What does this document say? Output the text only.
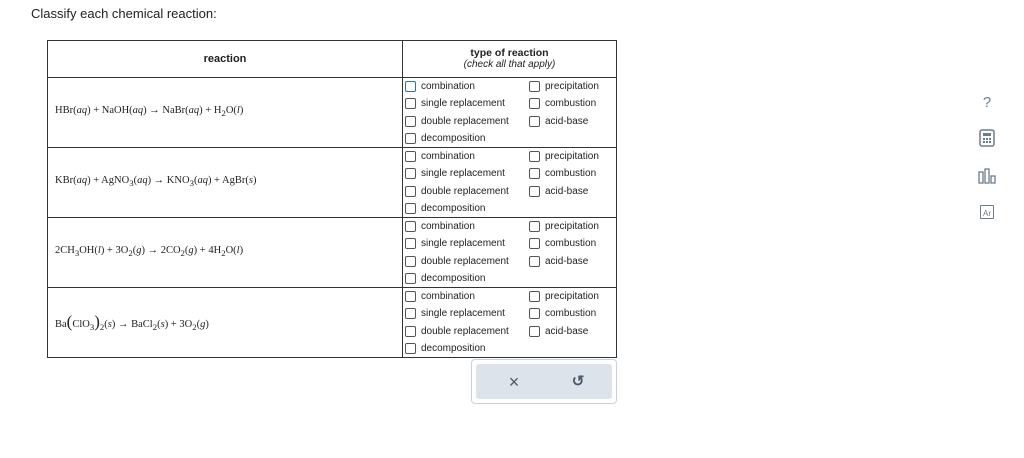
Classify each chemical reaction:
reaction	type of reaction
(check all that apply)
HBr(aq) + NaOH(aq) → NaBr(aq) + $H_2O(l)$
combination
single replacement
double replacement
decomposition
precipitation
combustion
acid-base
KBr(aq) + AgNO$_3$(aq) → $KNO_3(aq)$ + AgBr(s)
combination
single replacement
double replacement
decomposition
precipitation
combustion
acid-base
$2CH_3OH(l) + 3O_2(g) \to 2CO_2(g) + 4H_2O(l)$
combination
single replacement
double replacement
decomposition
precipitation
combustion
acid-base
$Ba(ClO_3)_2(s)$ → BaCl$_2$(s) + $3O_2(g)$
combination
single replacement
double replacement
decomposition
precipitation
combustion
acid-base
×	↺
?
Ar
